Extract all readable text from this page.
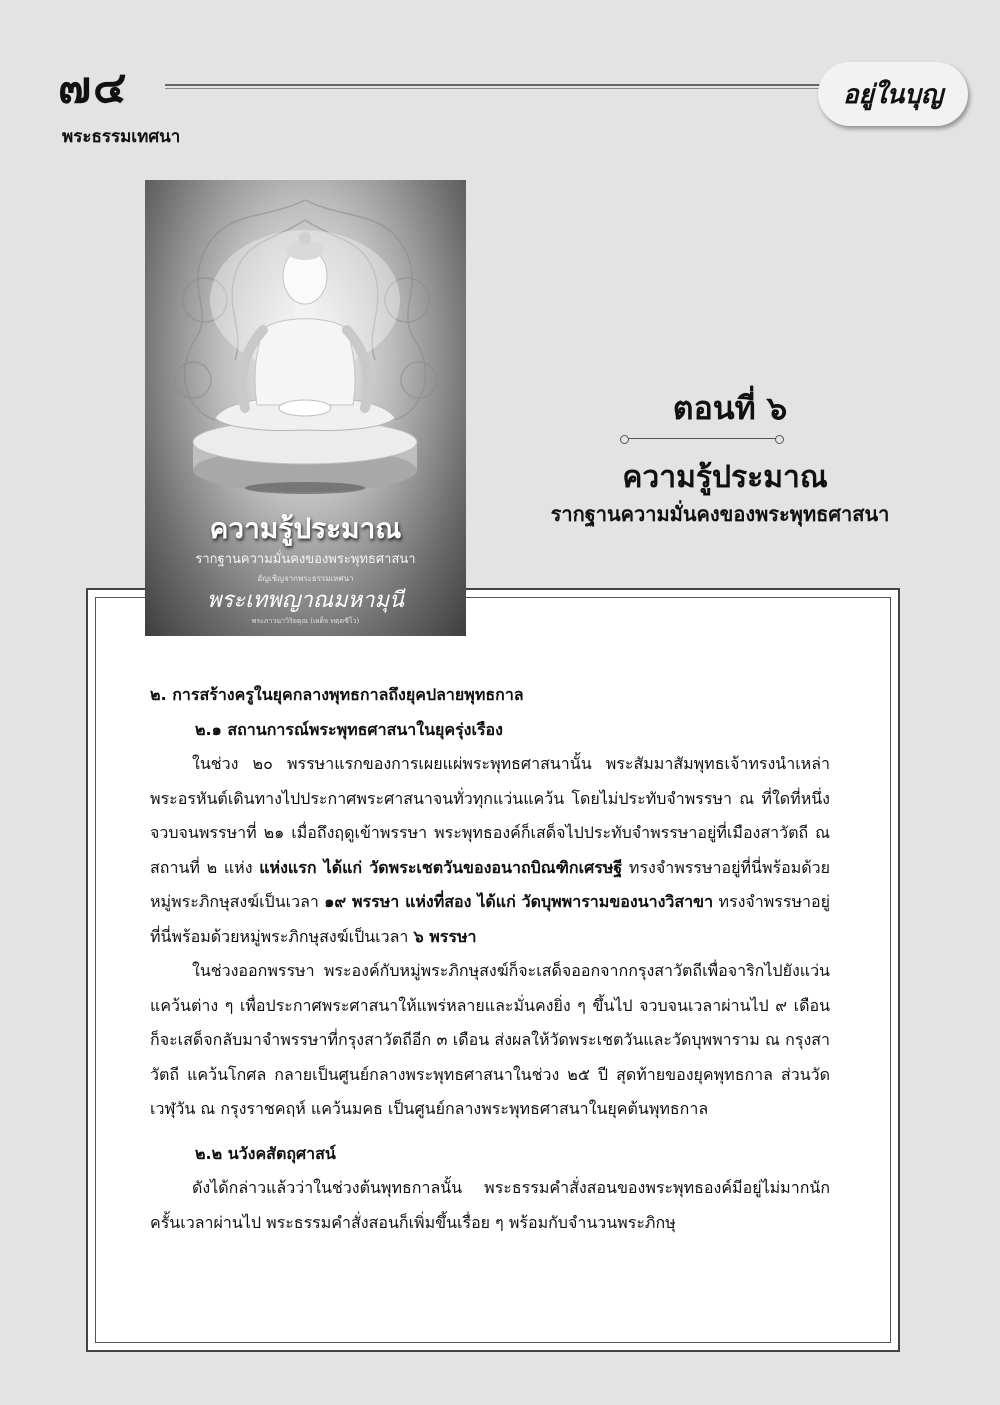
๗๔	อยู่ในบุญ
พระธรรมเทศนา
ความรู้ประมาณ
รากฐานความมั่นคงของพระพุทธศาสนา
อัญเชิญจากพระธรรมเทศนา
พระเทพญาณมหามุนี
พระภาวนาวิริยคุณ (เผด็จ ทตฺตชีโว)
ตอนที่ ๖
ความรู้ประมาณ
รากฐานความมั่นคงของพระพุทธศาสนา

๒. การสร้างครูในยุคกลางพุทธกาลถึงยุคปลายพุทธกาล

๒.๑ สถานการณ์พระพุทธศาสนาในยุครุ่งเรือง

ในช่วง ๒๐ พรรษาแรกของการเผยแผ่พระพุทธศาสนานั้น พระสัมมาสัมพุทธเจ้าทรงนำเหล่าพระอรหันต์เดินทางไปประกาศพระศาสนาจนทั่วทุกแว่นแคว้น โดยไม่ประทับจำพรรษา ณ ที่ใดที่หนึ่ง จวบจนพรรษาที่ ๒๑ เมื่อถึงฤดูเข้าพรรษา พระพุทธองค์ก็เสด็จไปประทับจำพรรษาอยู่ที่เมืองสาวัตถี ณ สถานที่ ๒ แห่ง แห่งแรก ได้แก่ วัดพระเชตวันของอนาถบิณฑิกเศรษฐี ทรงจำพรรษาอยู่ที่นี่พร้อมด้วยหมู่พระภิกษุสงฆ์เป็นเวลา ๑๙ พรรษา แห่งที่สอง ได้แก่ วัดบุพพารามของนางวิสาขา ทรงจำพรรษาอยู่ที่นี่พร้อมด้วยหมู่พระภิกษุสงฆ์เป็นเวลา ๖ พรรษา

ในช่วงออกพรรษา พระองค์กับหมู่พระภิกษุสงฆ์ก็จะเสด็จออกจากกรุงสาวัตถีเพื่อจาริกไปยังแว่นแคว้นต่าง ๆ เพื่อประกาศพระศาสนาให้แพร่หลายและมั่นคงยิ่ง ๆ ขึ้นไป จวบจนเวลาผ่านไป ๙ เดือน ก็จะเสด็จกลับมาจำพรรษาที่กรุงสาวัตถีอีก ๓ เดือน ส่งผลให้วัดพระเชตวันและวัดบุพพาราม ณ กรุงสาวัตถี แคว้นโกศล กลายเป็นศูนย์กลางพระพุทธศาสนาในช่วง ๒๕ ปี สุดท้ายของยุคพุทธกาล ส่วนวัดเวฬุวัน ณ กรุงราชคฤห์ แคว้นมคธ เป็นศูนย์กลางพระพุทธศาสนาในยุคต้นพุทธกาล

๒.๒ นวังคสัตถุศาสน์

ดังได้กล่าวแล้วว่าในช่วงต้นพุทธกาลนั้น พระธรรมคำสั่งสอนของพระพุทธองค์มีอยู่ไม่มากนัก ครั้นเวลาผ่านไป พระธรรมคำสั่งสอนก็เพิ่มขึ้นเรื่อย ๆ พร้อมกับจำนวนพระภิกษุ
